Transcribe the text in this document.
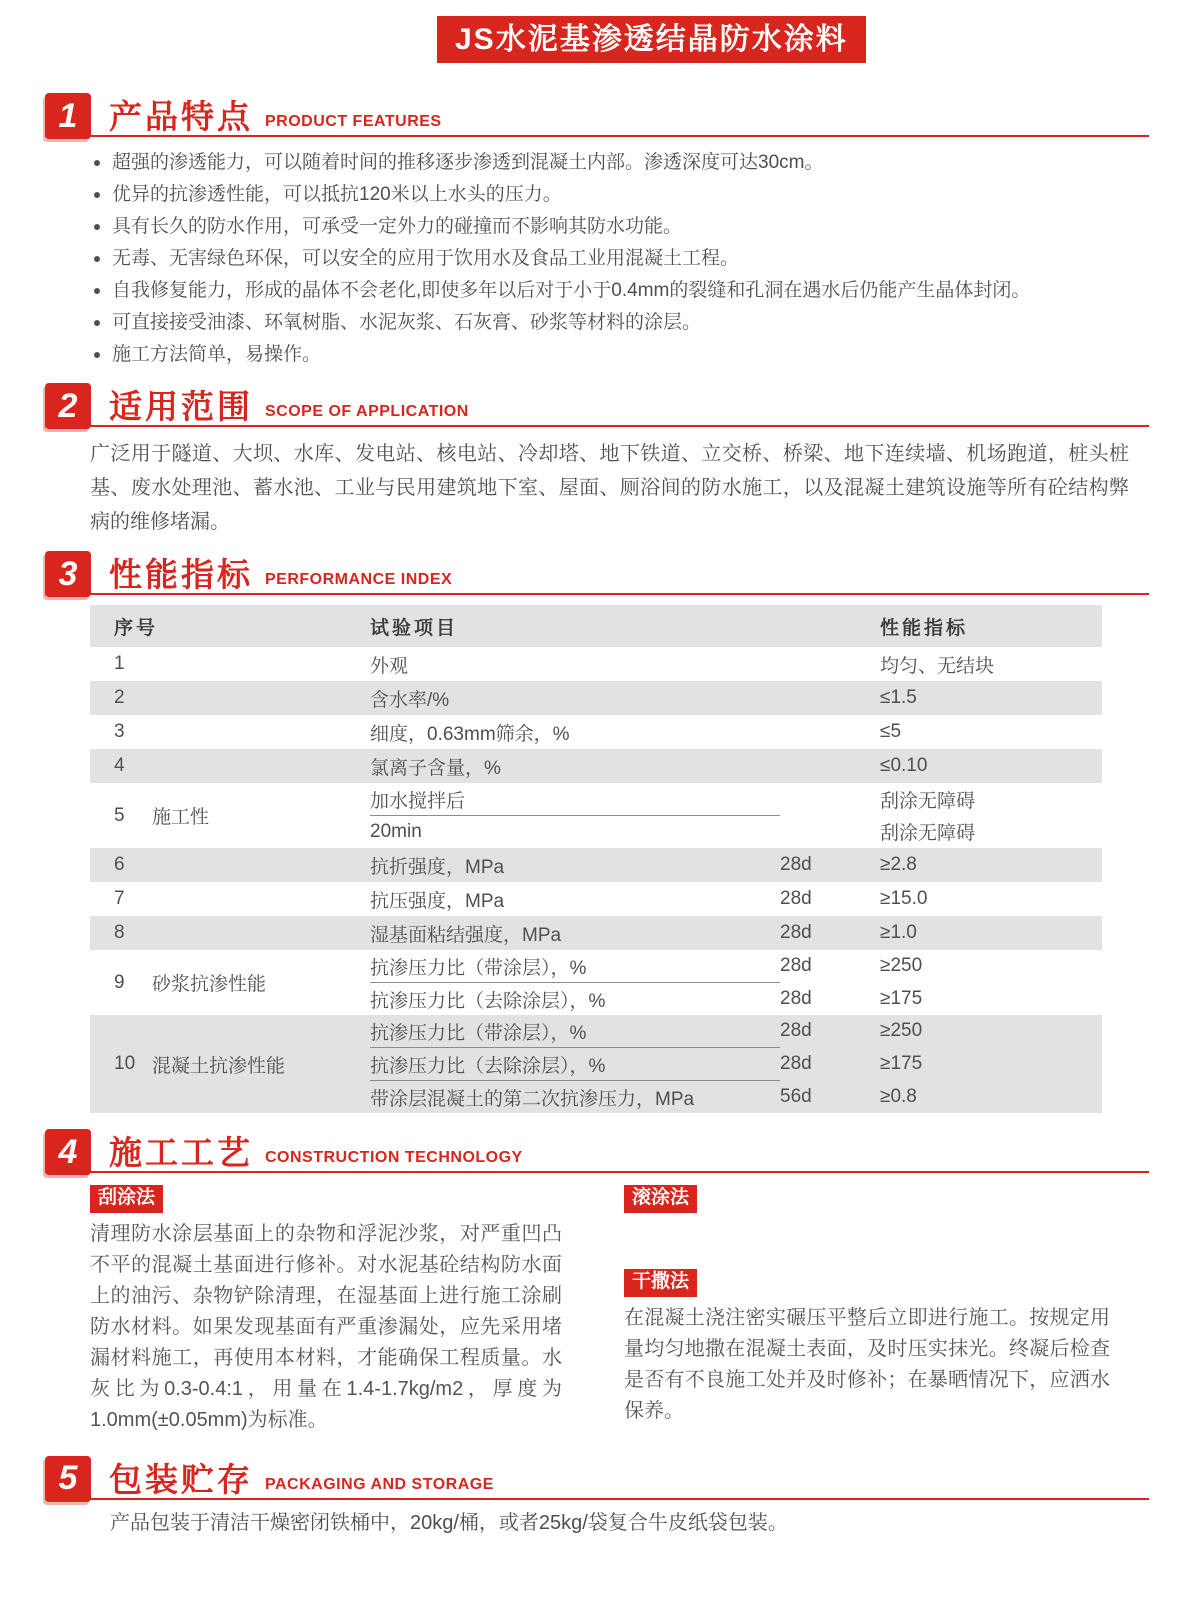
JS水泥基渗透结晶防水涂料
1 产品特点 PRODUCT FEATURES
超强的渗透能力，可以随着时间的推移逐步渗透到混凝土内部。渗透深度可达30cm。
优异的抗渗透性能，可以抵抗120米以上水头的压力。
具有长久的防水作用，可承受一定外力的碰撞而不影响其防水功能。
无毒、无害绿色环保，可以安全的应用于饮用水及食品工业用混凝土工程。
自我修复能力，形成的晶体不会老化,即使多年以后对于小于0.4mm的裂缝和孔洞在遇水后仍能产生晶体封闭。
可直接接受油漆、环氧树脂、水泥灰浆、石灰膏、砂浆等材料的涂层。
施工方法简单，易操作。
2 适用范围 SCOPE OF APPLICATION
广泛用于隧道、大坝、水库、发电站、核电站、冷却塔、地下铁道、立交桥、桥梁、地下连续墙、机场跑道，桩头桩基、废水处理池、蓄水池、工业与民用建筑地下室、屋面、厕浴间的防水施工，以及混凝土建筑设施等所有砼结构弊病的维修堵漏。
3 性能指标 PERFORMANCE INDEX
序号		试验项目		性能指标
1		外观		均匀、无结块
2		含水率/%		≤1.5
3		细度，0.63mm筛余，%		≤5
4		氯离子含量，%		≤0.10
5	施工性	加水搅拌后		刮涂无障碍
		20min		刮涂无障碍
6		抗折强度，MPa	28d	≥2.8
7		抗压强度，MPa	28d	≥15.0
8		湿基面粘结强度，MPa	28d	≥1.0
9	砂浆抗渗性能	抗渗压力比（带涂层），%	28d	≥250
		抗渗压力比（去除涂层），%	28d	≥175
10	混凝土抗渗性能	抗渗压力比（带涂层），%	28d	≥250
		抗渗压力比（去除涂层），%	28d	≥175
		带涂层混凝土的第二次抗渗压力，MPa	56d	≥0.8
4 施工工艺 CONSTRUCTION TECHNOLOGY
刮涂法
清理防水涂层基面上的杂物和浮泥沙浆，对严重凹凸不平的混凝土基面进行修补。对水泥基砼结构防水面上的油污、杂物铲除清理，在湿基面上进行施工涂刷防水材料。如果发现基面有严重渗漏处，应先采用堵漏材料施工，再使用本材料，才能确保工程质量。水灰比为0.3-0.4:1，用量在1.4-1.7kg/m2，厚度为1.0mm(±0.05mm)为标准。
滚涂法
干撒法
在混凝土浇注密实碾压平整后立即进行施工。按规定用量均匀地撒在混凝土表面，及时压实抹光。终凝后检查是否有不良施工处并及时修补；在暴晒情况下，应洒水保养。
5 包装贮存 PACKAGING AND STORAGE
产品包装于清洁干燥密闭铁桶中，20kg/桶，或者25kg/袋复合牛皮纸袋包装。
